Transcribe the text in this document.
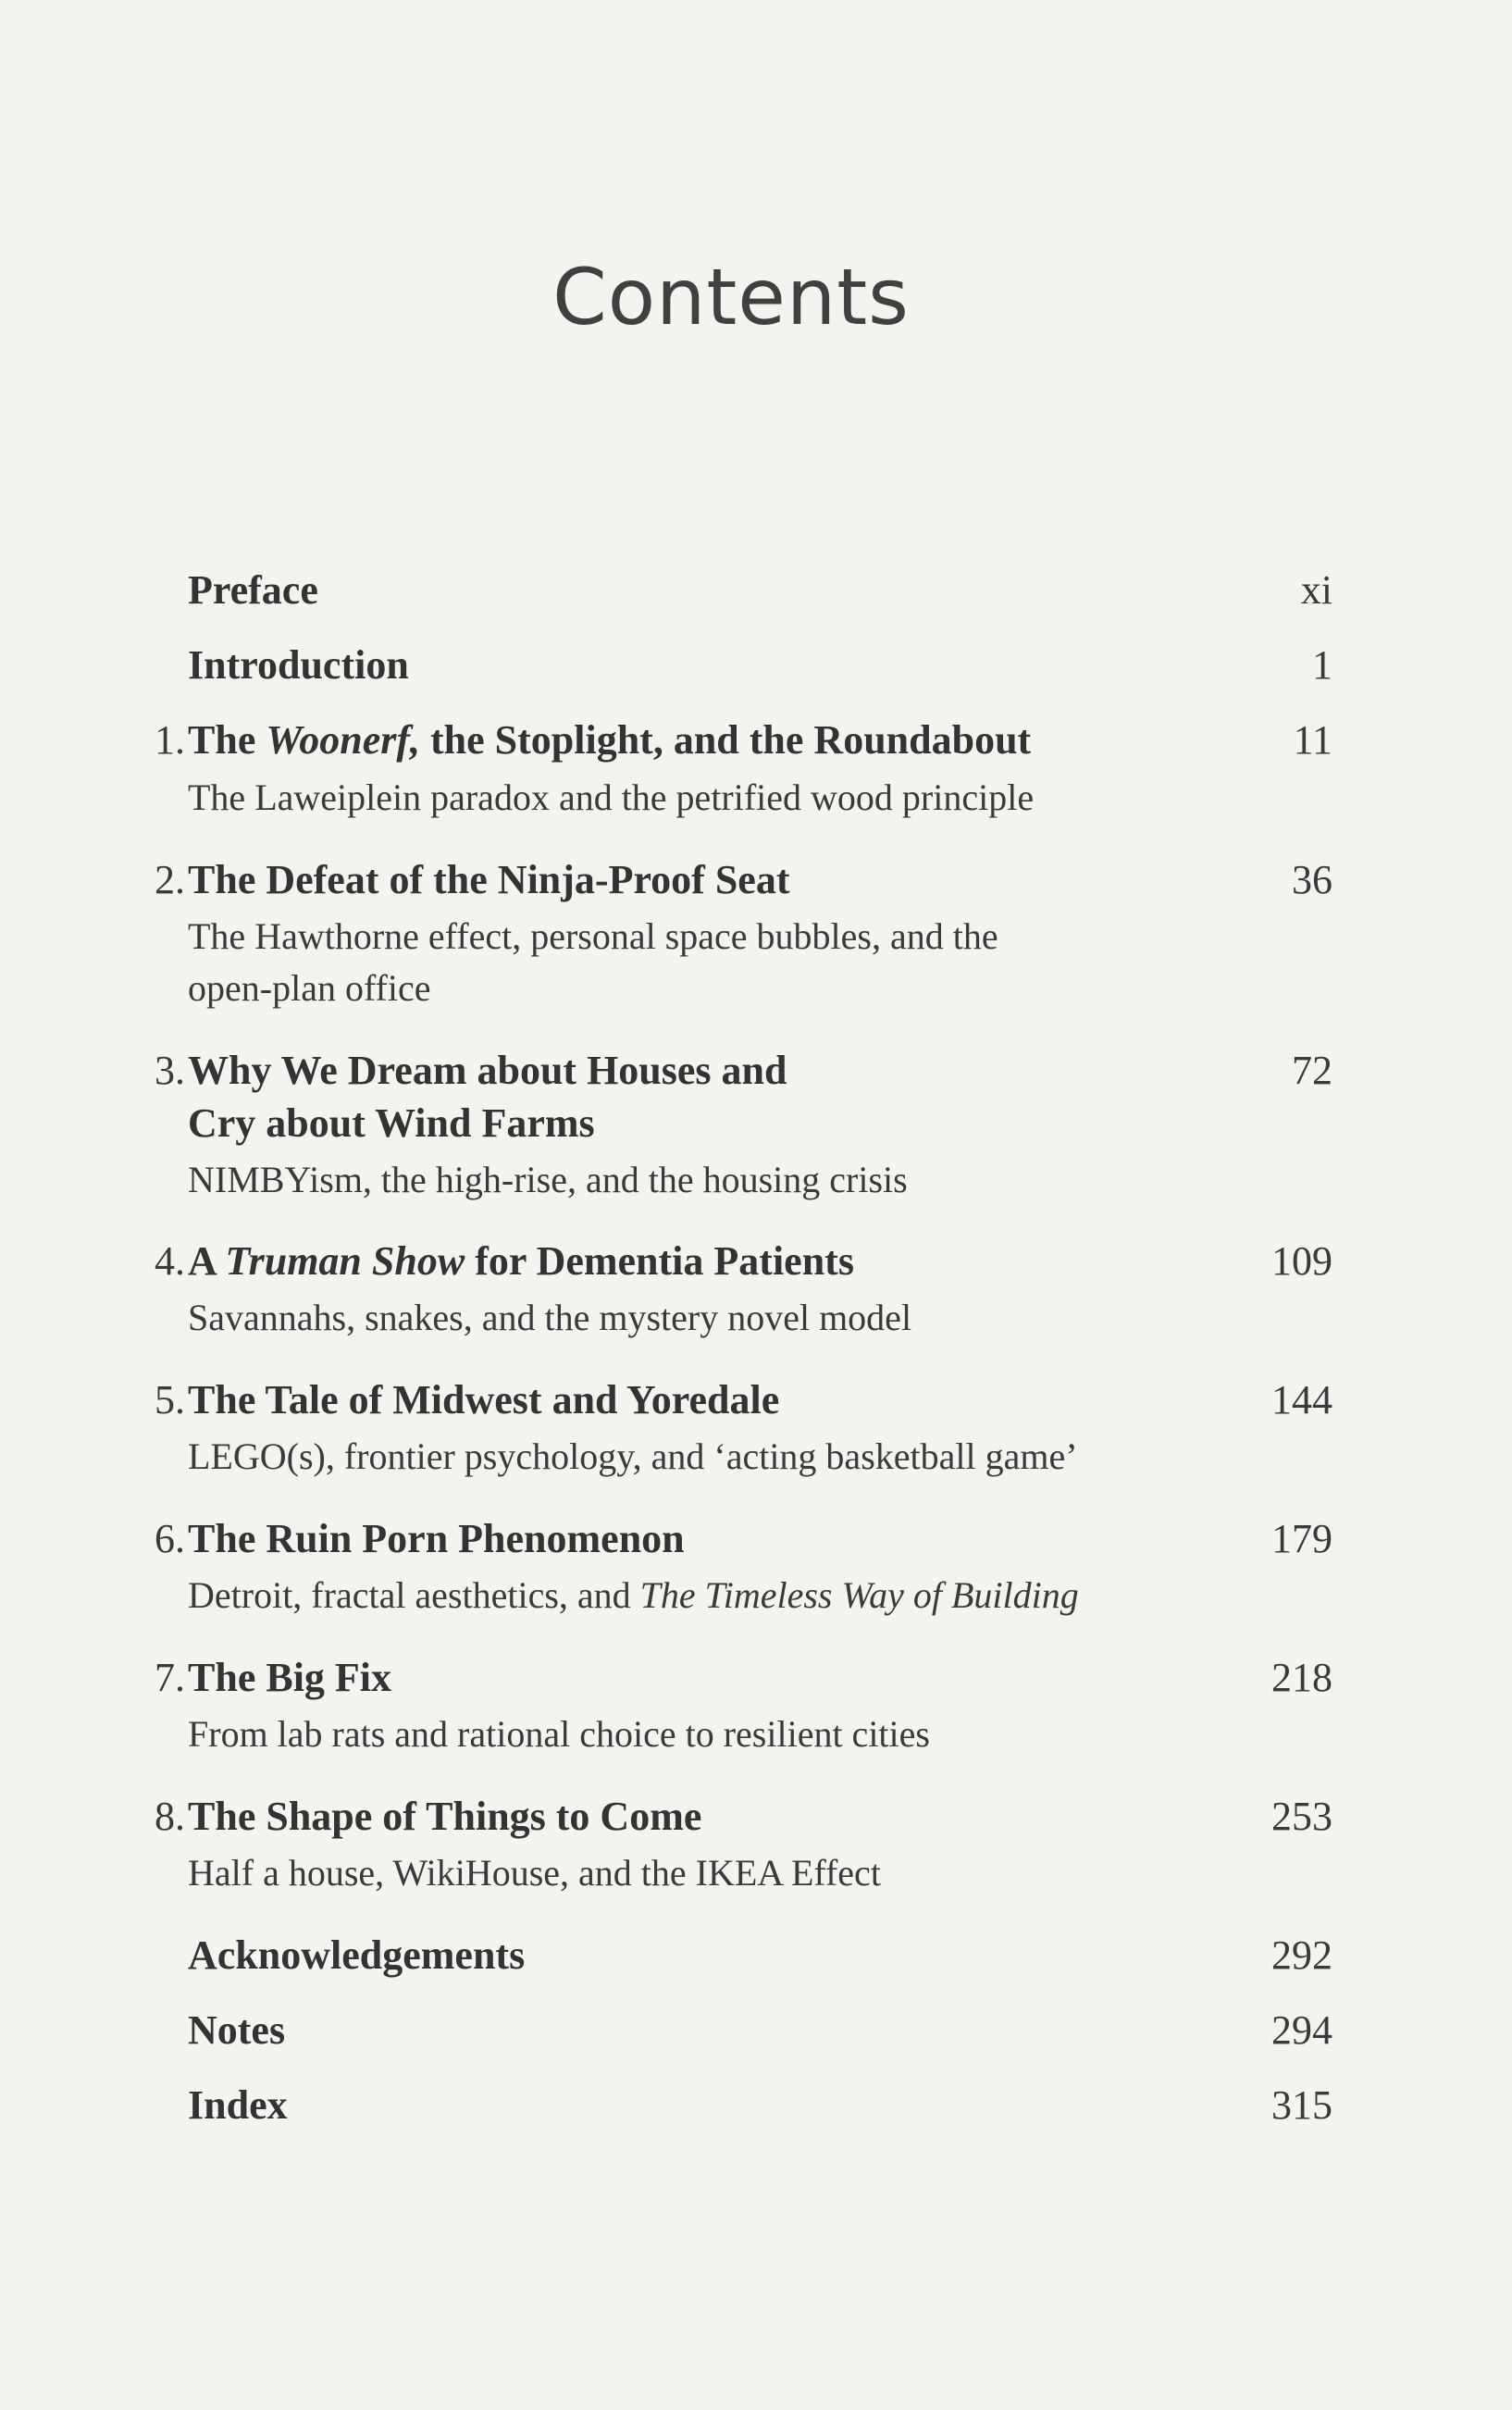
Contents
Preface	xi
Introduction	1
1. The Woonerf, the Stoplight, and the Roundabout	11
The Laweiplein paradox and the petrified wood principle
2. The Defeat of the Ninja-Proof Seat	36
The Hawthorne effect, personal space bubbles, and the
open-plan office
3. Why We Dream about Houses and	72
Cry about Wind Farms
NIMBYism, the high-rise, and the housing crisis
4. A Truman Show for Dementia Patients	109
Savannahs, snakes, and the mystery novel model
5. The Tale of Midwest and Yoredale	144
LEGO(s), frontier psychology, and ‘acting basketball game’
6. The Ruin Porn Phenomenon	179
Detroit, fractal aesthetics, and The Timeless Way of Building
7. The Big Fix	218
From lab rats and rational choice to resilient cities
8. The Shape of Things to Come	253
Half a house, WikiHouse, and the IKEA Effect
Acknowledgements	292
Notes	294
Index	315
